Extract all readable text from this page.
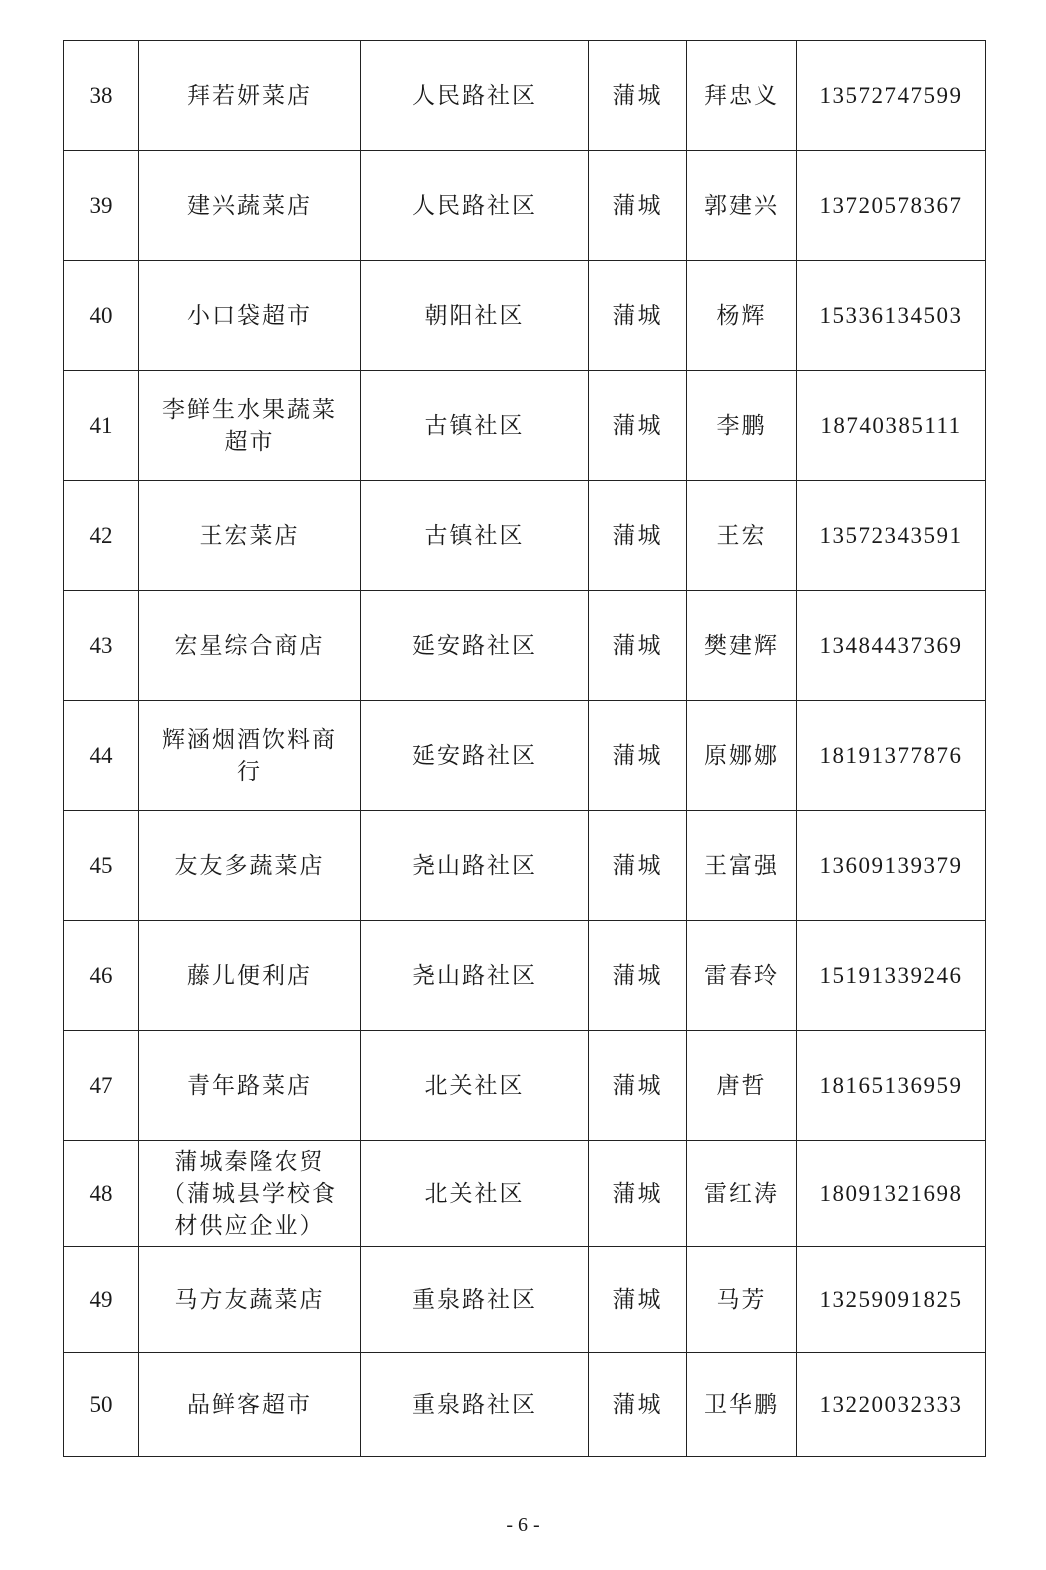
38	拜若妍菜店	人民路社区	蒲城	拜忠义	13572747599
39	建兴蔬菜店	人民路社区	蒲城	郭建兴	13720578367
40	小口袋超市	朝阳社区	蒲城	杨辉	15336134503
41	李鲜生水果蔬菜超市	古镇社区	蒲城	李鹏	18740385111
42	王宏菜店	古镇社区	蒲城	王宏	13572343591
43	宏星综合商店	延安路社区	蒲城	樊建辉	13484437369
44	辉涵烟酒饮料商行	延安路社区	蒲城	原娜娜	18191377876
45	友友多蔬菜店	尧山路社区	蒲城	王富强	13609139379
46	藤儿便利店	尧山路社区	蒲城	雷春玲	15191339246
47	青年路菜店	北关社区	蒲城	唐哲	18165136959
48	蒲城秦隆农贸（蒲城县学校食材供应企业）	北关社区	蒲城	雷红涛	18091321698
49	马方友蔬菜店	重泉路社区	蒲城	马芳	13259091825
50	品鲜客超市	重泉路社区	蒲城	卫华鹏	13220032333
- 6 -
